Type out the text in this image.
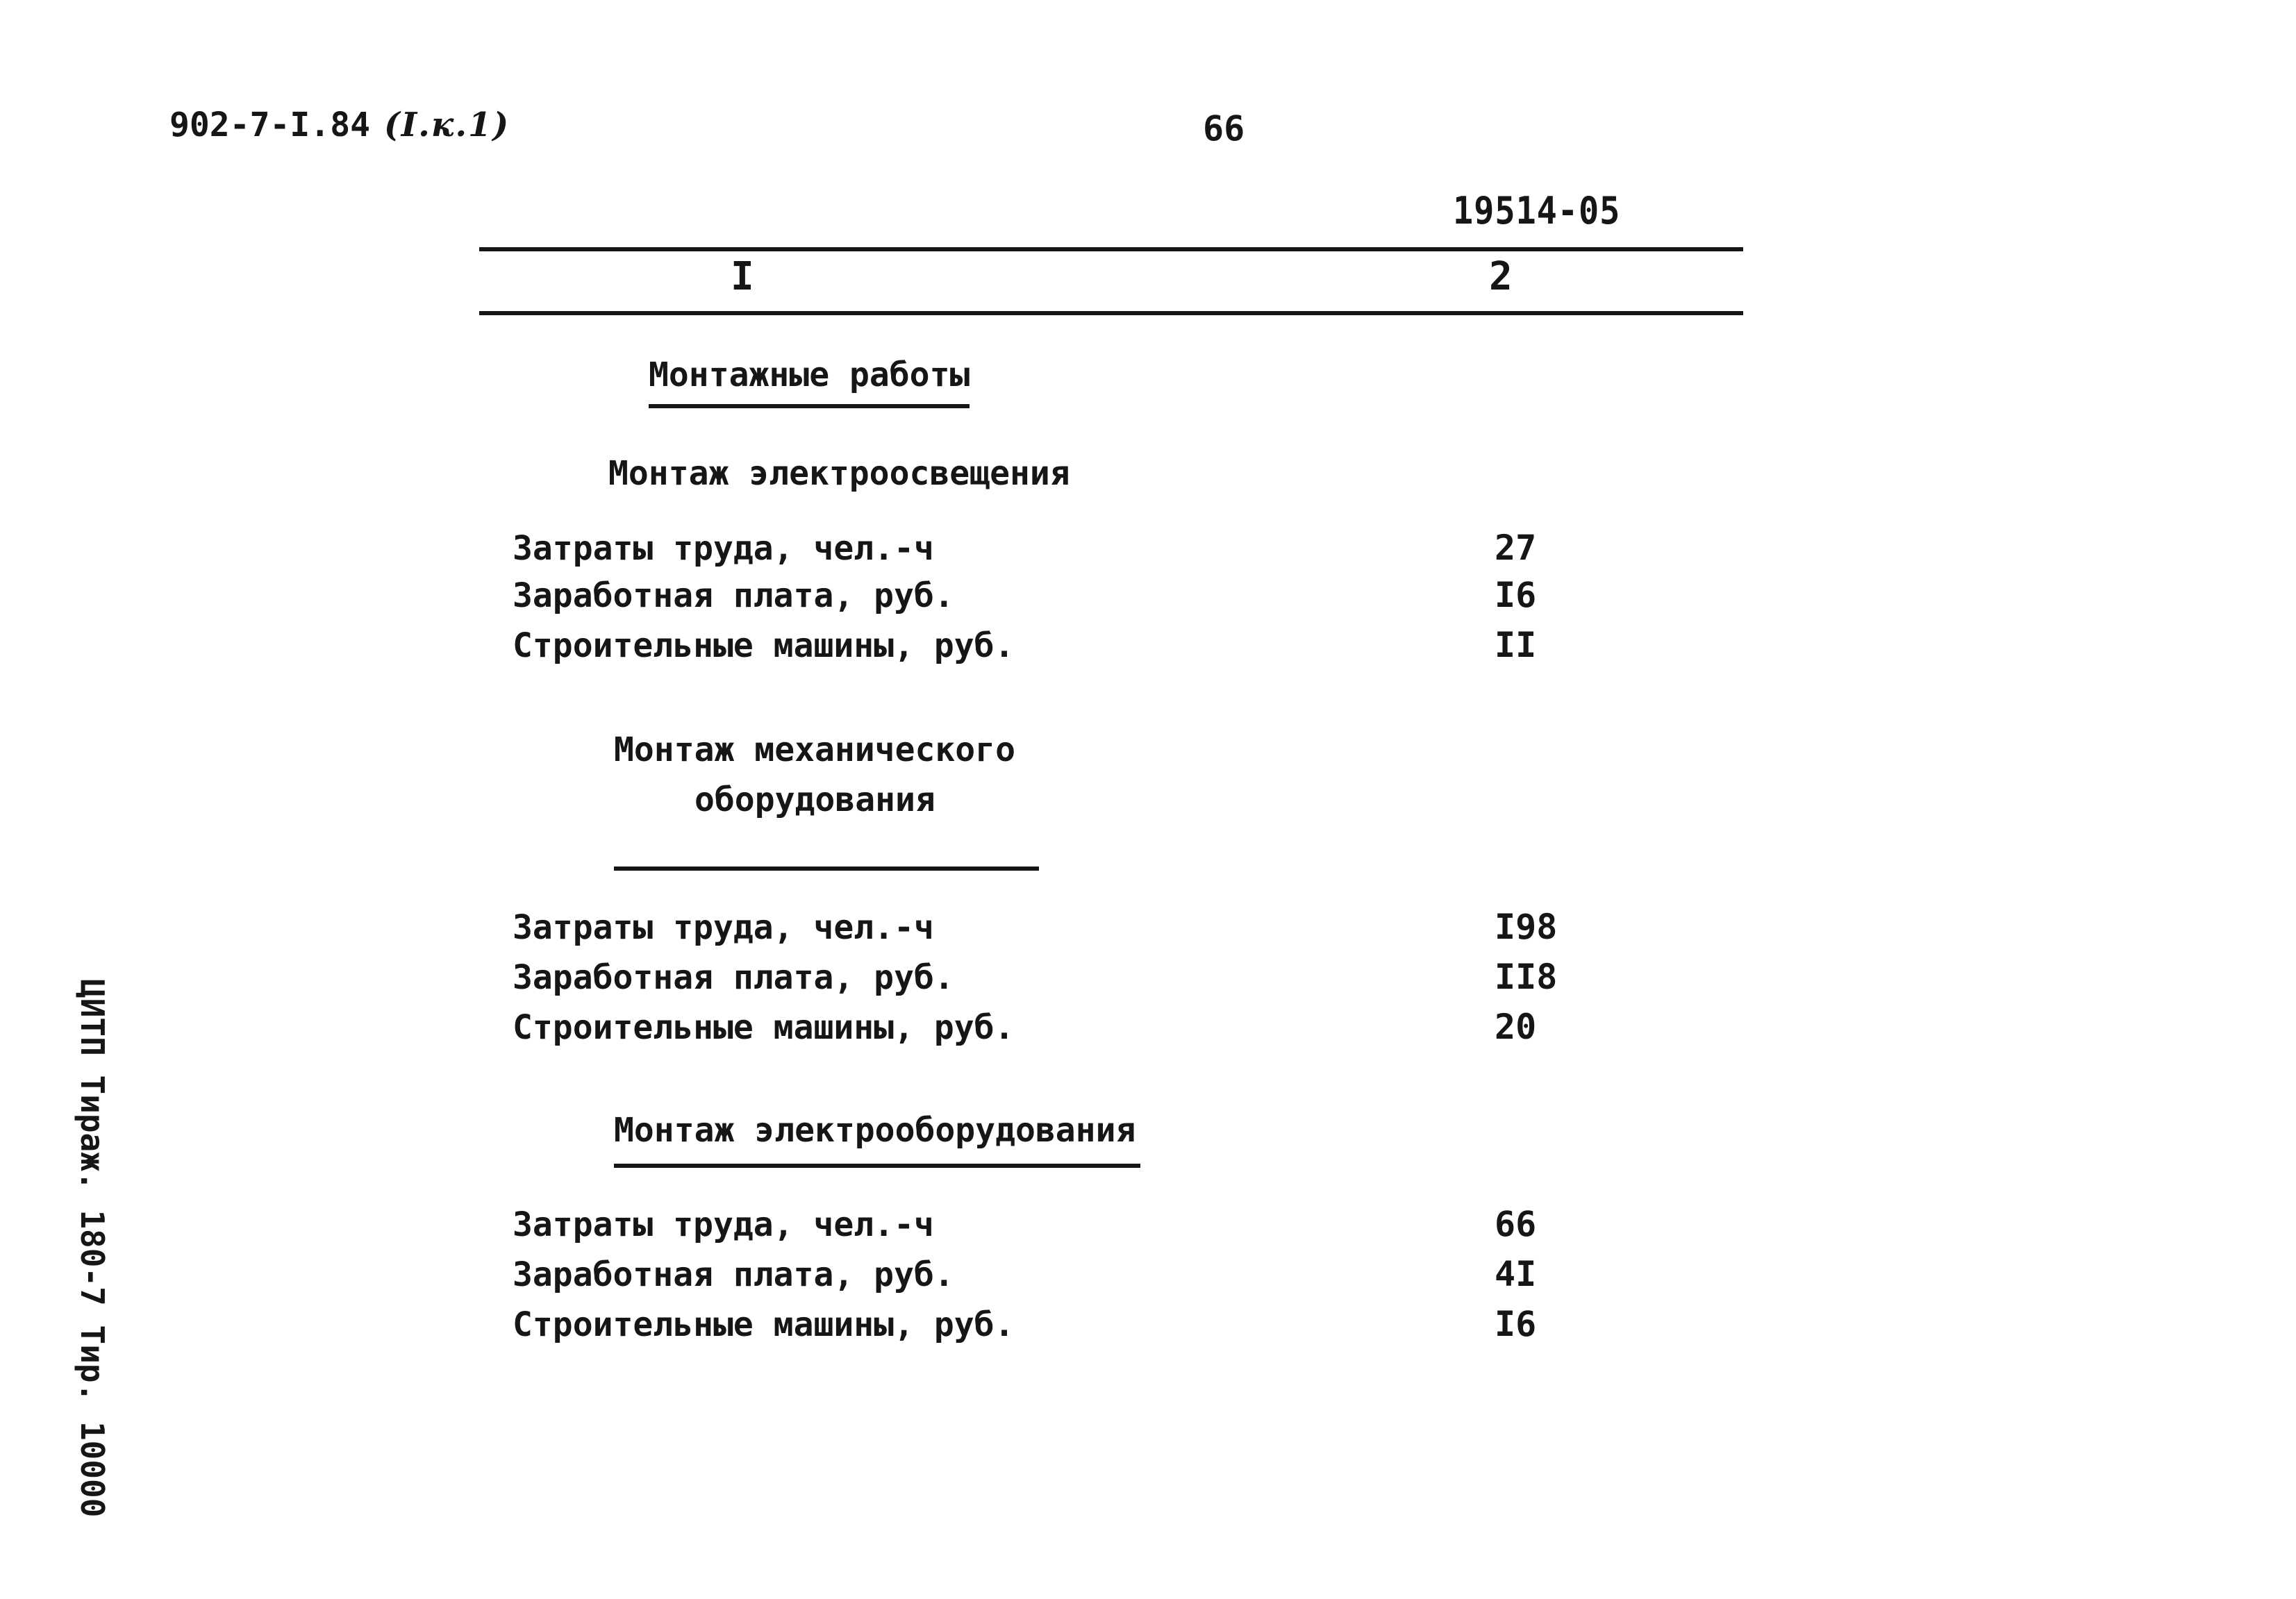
902-7-I.84 (I.к.1)	66
19514-05
I	2
Монтажные работы
Монтаж электроосвещения
Затраты труда, чел.-ч	27
Заработная плата, руб.	I6
Строительные машины, руб.	II
Монтаж механического
оборудования
Затраты труда, чел.-ч	I98
Заработная плата, руб.	II8
Строительные машины, руб.	20
Монтаж электрооборудования
Затраты труда, чел.-ч	66
Заработная плата, руб.	4I
Строительные машины, руб.	I6
ЦИТП Тираж. 180-7 Тир. 10000
